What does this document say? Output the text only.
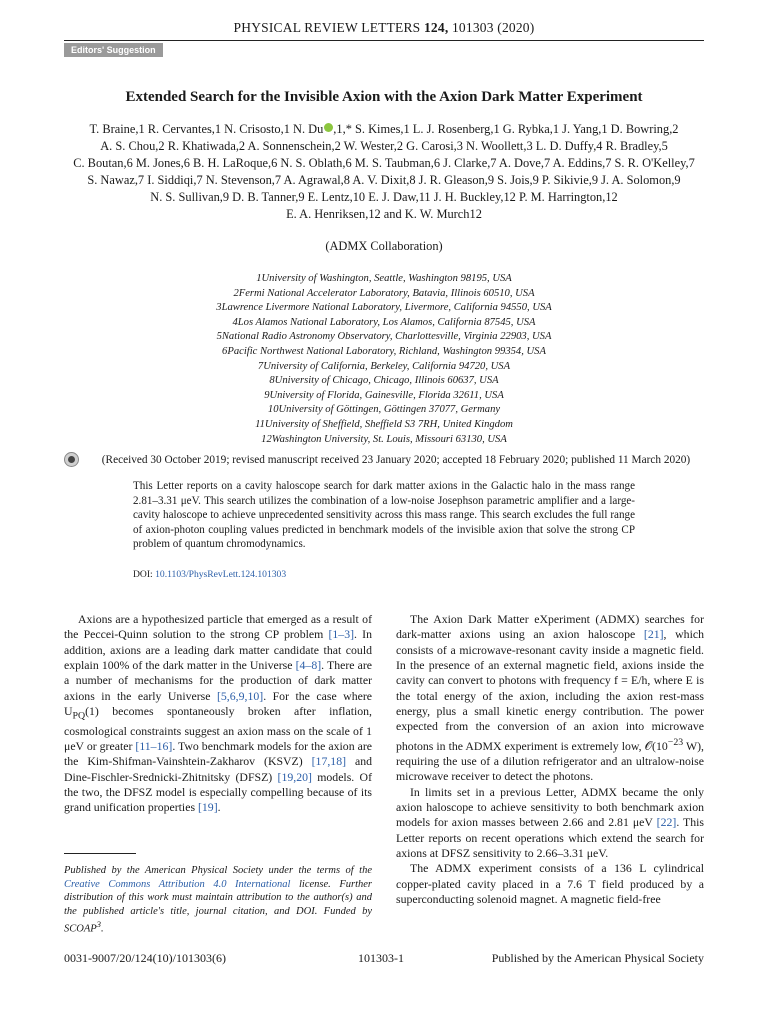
PHYSICAL REVIEW LETTERS 124, 101303 (2020)
Editors' Suggestion
Extended Search for the Invisible Axion with the Axion Dark Matter Experiment
T. Braine,1 R. Cervantes,1 N. Crisosto,1 N. Du ,1,* S. Kimes,1 L. J. Rosenberg,1 G. Rybka,1 J. Yang,1 D. Bowring,2
A. S. Chou,2 R. Khatiwada,2 A. Sonnenschein,2 W. Wester,2 G. Carosi,3 N. Woollett,3 L. D. Duffy,4 R. Bradley,5
C. Boutan,6 M. Jones,6 B. H. LaRoque,6 N. S. Oblath,6 M. S. Taubman,6 J. Clarke,7 A. Dove,7 A. Eddins,7 S. R. O'Kelley,7
S. Nawaz,7 I. Siddiqi,7 N. Stevenson,7 A. Agrawal,8 A. V. Dixit,8 J. R. Gleason,9 S. Jois,9 P. Sikivie,9 J. A. Solomon,9
N. S. Sullivan,9 D. B. Tanner,9 E. Lentz,10 E. J. Daw,11 J. H. Buckley,12 P. M. Harrington,12
E. A. Henriksen,12 and K. W. Murch12
(ADMX Collaboration)
1University of Washington, Seattle, Washington 98195, USA
2Fermi National Accelerator Laboratory, Batavia, Illinois 60510, USA
3Lawrence Livermore National Laboratory, Livermore, California 94550, USA
4Los Alamos National Laboratory, Los Alamos, California 87545, USA
5National Radio Astronomy Observatory, Charlottesville, Virginia 22903, USA
6Pacific Northwest National Laboratory, Richland, Washington 99354, USA
7University of California, Berkeley, California 94720, USA
8University of Chicago, Chicago, Illinois 60637, USA
9University of Florida, Gainesville, Florida 32611, USA
10University of Göttingen, Göttingen 37077, Germany
11University of Sheffield, Sheffield S3 7RH, United Kingdom
12Washington University, St. Louis, Missouri 63130, USA
(Received 30 October 2019; revised manuscript received 23 January 2020; accepted 18 February 2020; published 11 March 2020)
This Letter reports on a cavity haloscope search for dark matter axions in the Galactic halo in the mass range 2.81–3.31 μeV. This search utilizes the combination of a low-noise Josephson parametric amplifier and a large-cavity haloscope to achieve unprecedented sensitivity across this mass range. This search excludes the full range of axion-photon coupling values predicted in benchmark models of the invisible axion that solve the strong CP problem of quantum chromodynamics.
DOI: 10.1103/PhysRevLett.124.101303

Axions are a hypothesized particle that emerged as a result of the Peccei-Quinn solution to the strong CP problem [1–3]. In addition, axions are a leading dark matter candidate that could explain 100% of the dark matter in the Universe [4–8]. There are a number of mechanisms for the production of dark matter axions in the early Universe [5,6,9,10]. For the case where $U_{PQ}(1)$ becomes spontaneously broken after inflation, cosmological constraints suggest an axion mass on the scale of 1 μeV or greater [11–16]. Two benchmark models for the axion are the Kim-Shifman-Vainshtein-Zakharov (KSVZ) [17,18] and Dine-Fischler-Srednicki-Zhitnitsky (DFSZ) [19,20] models. Of the two, the DFSZ model is especially compelling because of its grand unification properties [19].

The Axion Dark Matter eXperiment (ADMX) searches for dark-matter axions using an axion haloscope [21], which consists of a microwave-resonant cavity inside a magnetic field. In the presence of an external magnetic field, axions inside the cavity can convert to photons with frequency f = E/h, where E is the total energy of the axion, including the axion rest-mass energy, plus a small kinetic energy contribution. The power expected from the conversion of an axion into microwave photons in the ADMX experiment is extremely low, $𝒪(10^{-23}$ W), requiring the use of a dilution refrigerator and an ultralow-noise microwave receiver to detect the photons.

In limits set in a previous Letter, ADMX became the only axion haloscope to achieve sensitivity to both benchmark axion models for axion masses between 2.66 and 2.81 μeV [22]. This Letter reports on recent operations which extend the search for axions at DFSZ sensitivity to 2.66–3.31 μeV.

The ADMX experiment consists of a 136 L cylindrical copper-plated cavity placed in a 7.6 T field produced by a superconducting solenoid magnet. A magnetic field-free

Published by the American Physical Society under the terms of the Creative Commons Attribution 4.0 International license. Further distribution of this work must maintain attribution to the author(s) and the published article's title, journal citation, and DOI. Funded by SCOAP$^3$.
0031-9007/20/124(10)/101303(6)	101303-1	Published by the American Physical Society
